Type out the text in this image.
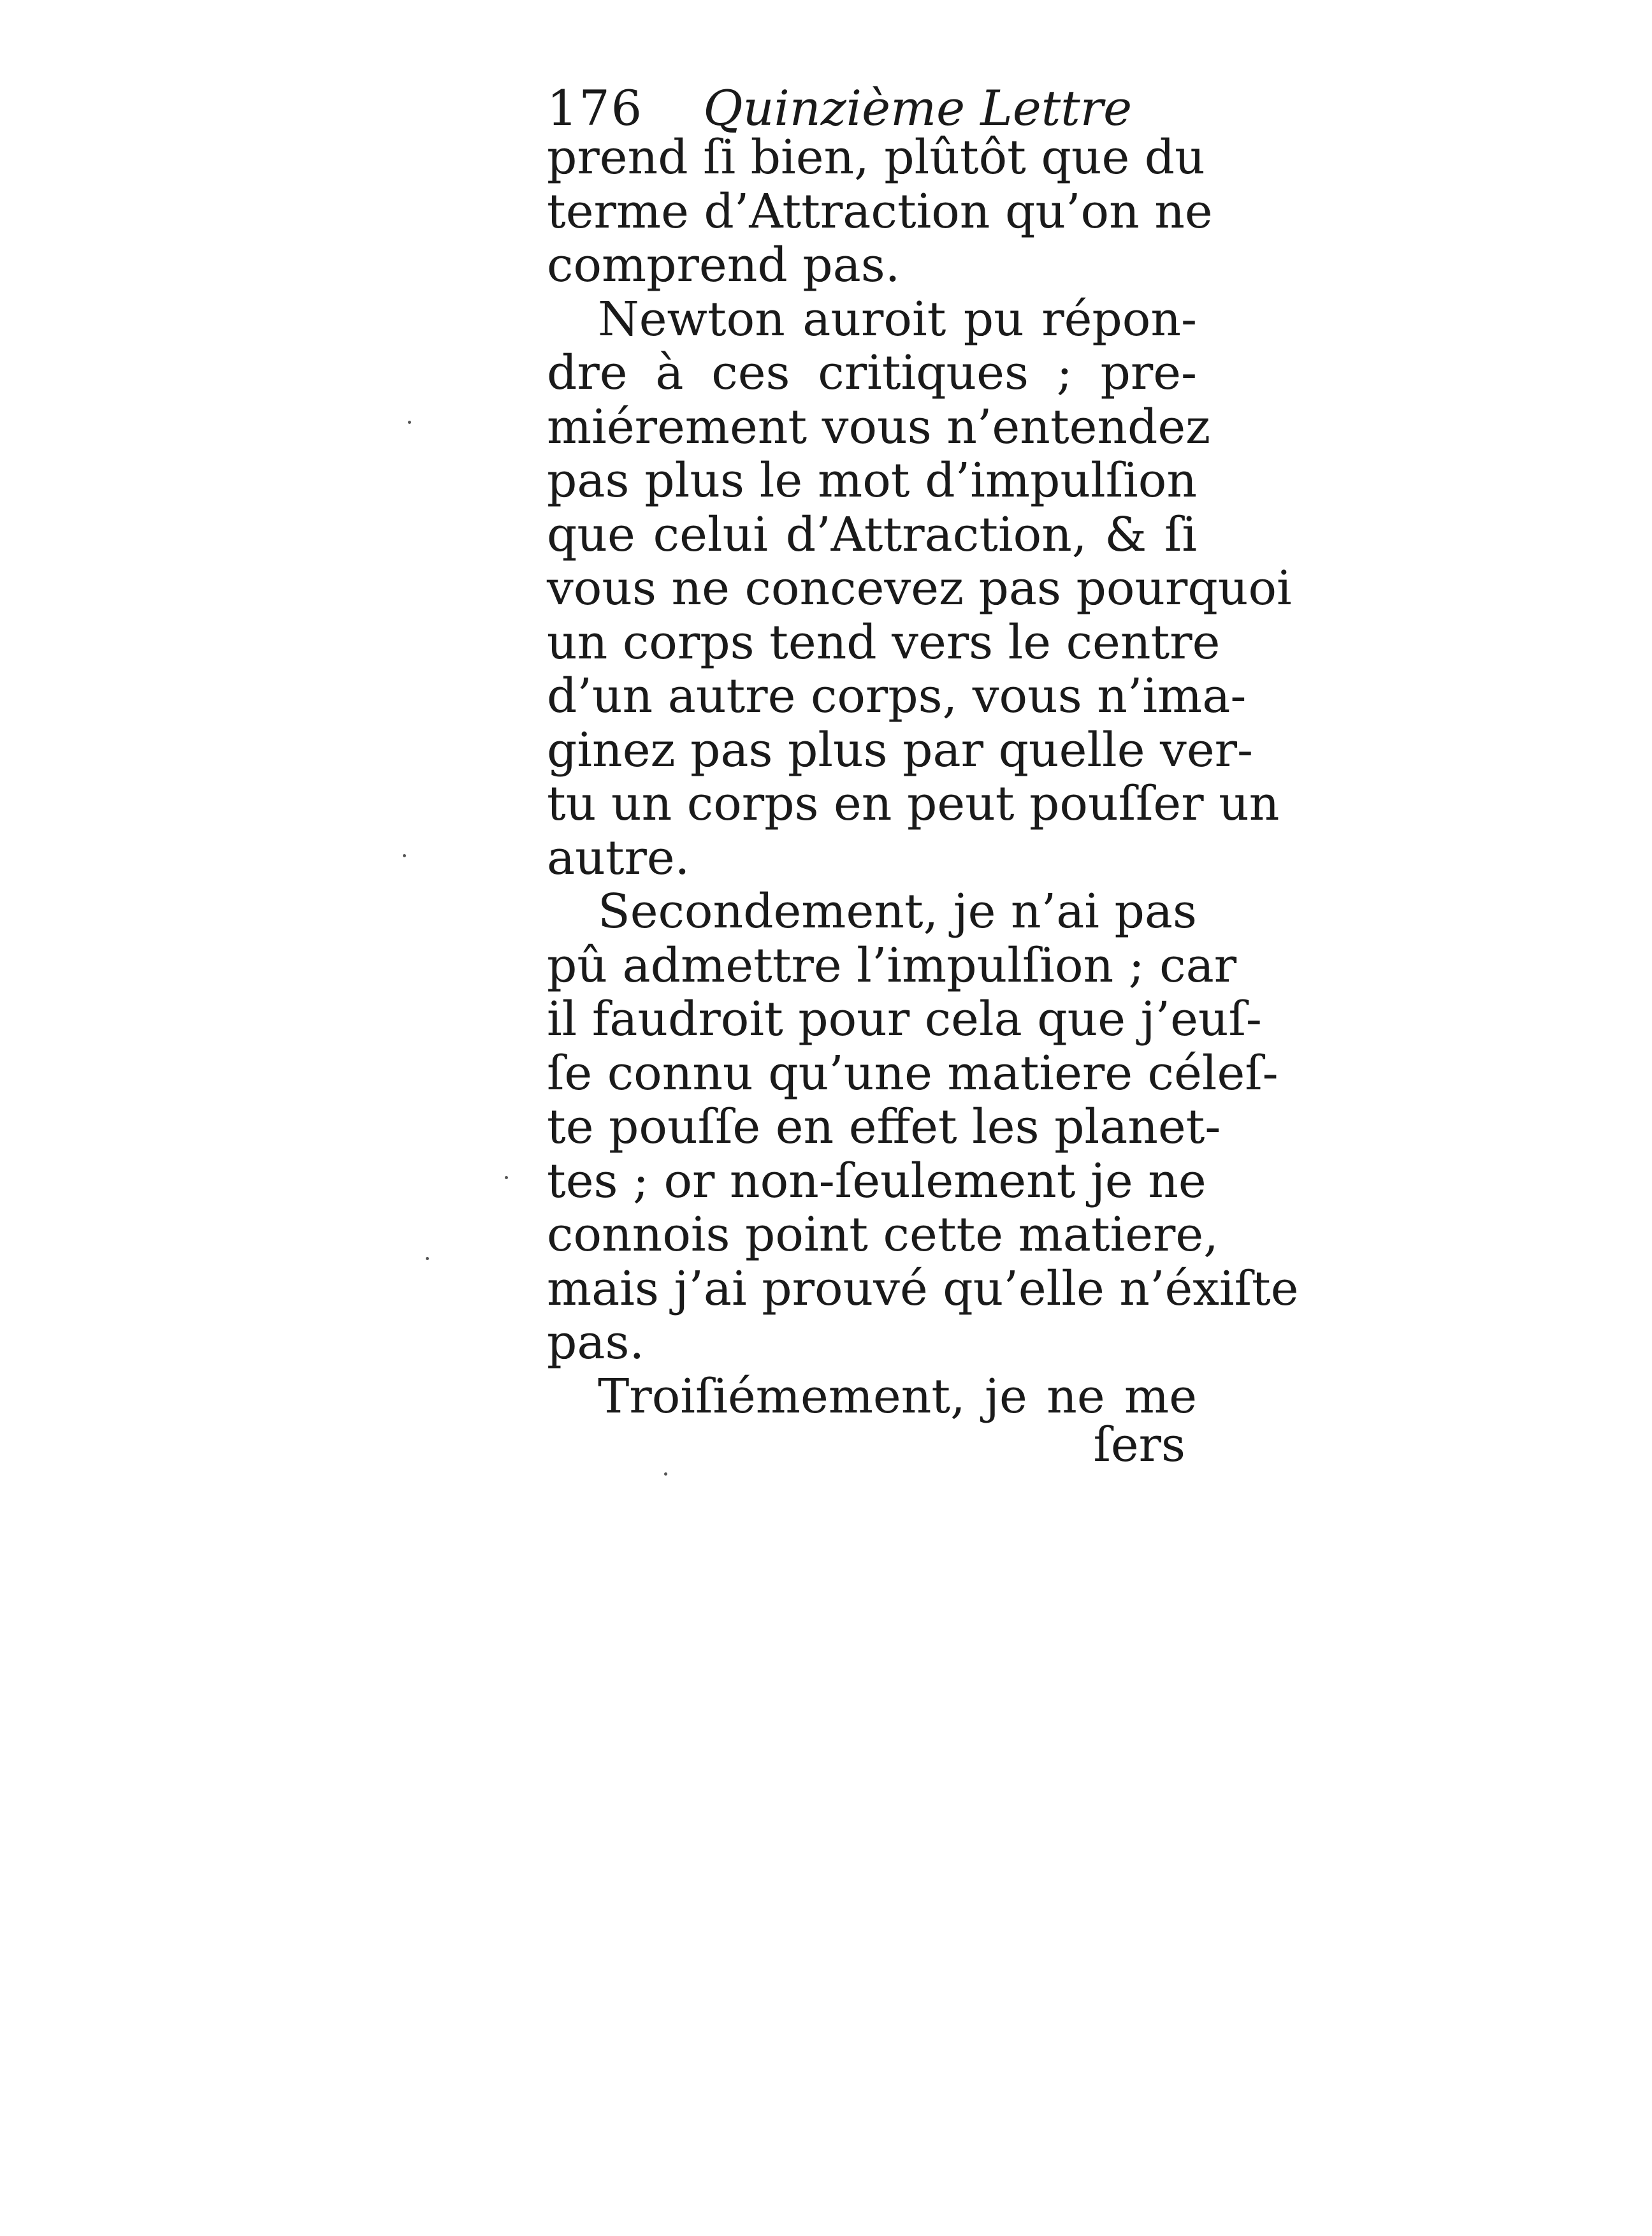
176 Quinzième Lettre
prend ſi bien, plûtôt que du
terme d’Attraction qu’on ne
comprend pas.
Newton auroit pu répon-
dre à ces critiques ; pre-
miérement vous n’entendez
pas plus le mot d’impulſion
que celui d’Attraction, & ſi
vous ne concevez pas pourquoi
un corps tend vers le centre
d’un autre corps, vous n’ima-
ginez pas plus par quelle ver-
tu un corps en peut pouſſer un
autre.
Secondement, je n’ai pas
pû admettre l’impulſion ; car
il faudroit pour cela que j’euſ-
ſe connu qu’une matiere céleſ-
te pouſſe en effet les planet-
tes ; or non-ſeulement je ne
connois point cette matiere,
mais j’ai prouvé qu’elle n’éxiſte
pas.
Troiſiémement, je ne me
ſers
